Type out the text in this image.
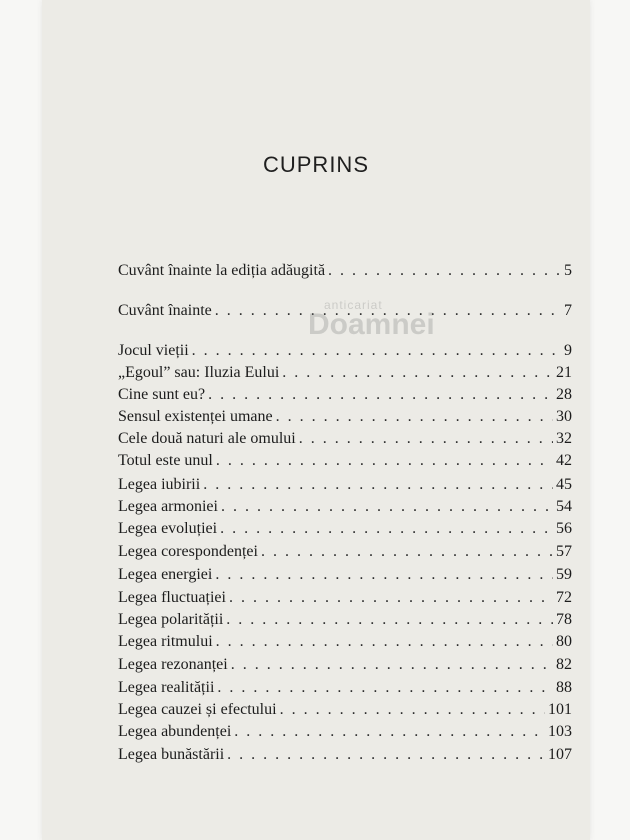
CUPRINS
Cuvânt înainte la ediția adăugită . . .	5
Cuvânt înainte . . .	7
Jocul vieții . . .	9
„Egoul” sau: Iluzia Eului . . .	21
Cine sunt eu? . . .	28
Sensul existenței umane . . .	30
Cele două naturi ale omului . . .	32
Totul este unul . . .	42
Legea iubirii . . .	45
Legea armoniei . . .	54
Legea evoluției . . .	56
Legea corespondenței . . .	57
Legea energiei . . .	59
Legea fluctuației . . .	72
Legea polarității . . .	78
Legea ritmului . . .	80
Legea rezonanței . . .	82
Legea realității . . .	88
Legea cauzei și efectului . . .	101
Legea abundenței . . .	103
Legea bunăstării . . .	107
anticariat
Doamnei
